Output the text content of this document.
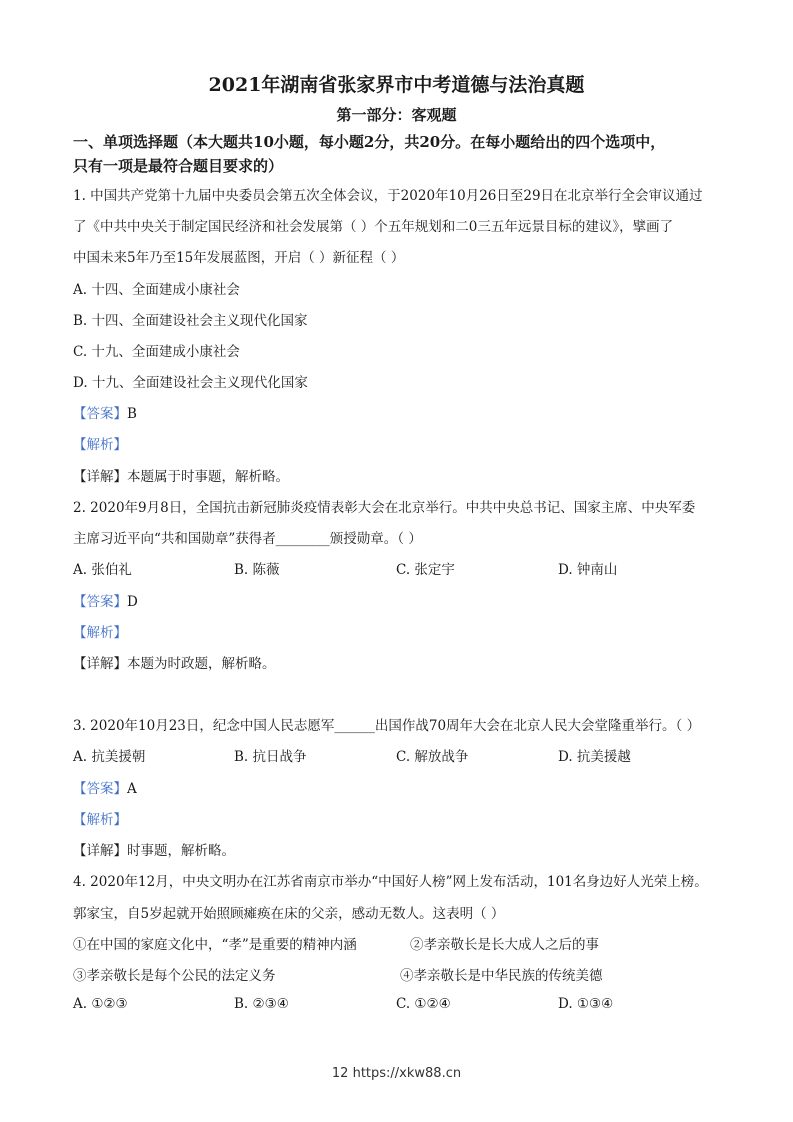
2021年湖南省张家界市中考道德与法治真题
第一部分：客观题
一、单项选择题（本大题共10小题，每小题2分，共20分。在每小题给出的四个选项中，
只有一项是最符合题目要求的）
1. 中国共产党第十九届中央委员会第五次全体会议，于2020年10月26日至29日在北京举行全会审议通过
了《中共中央关于制定国民经济和社会发展第（ ）个五年规划和二0三五年远景目标的建议》，擘画了
中国未来5年乃至15年发展蓝图，开启（ ）新征程（ ）
A. 十四、全面建成小康社会
B. 十四、全面建设社会主义现代化国家
C. 十九、全面建成小康社会
D. 十九、全面建设社会主义现代化国家
【答案】B
【解析】
【详解】本题属于时事题，解析略。
2. 2020年9月8日，全国抗击新冠肺炎疫情表彰大会在北京举行。中共中央总书记、国家主席、中央军委
主席习近平向“共和国勋章”获得者________颁授勋章。（ ）
A. 张伯礼	B. 陈薇	C. 张定宇	D. 钟南山
【答案】D
【解析】
【详解】本题为时政题，解析略。
3. 2020年10月23日，纪念中国人民志愿军______出国作战70周年大会在北京人民大会堂隆重举行。（ ）
A. 抗美援朝	B. 抗日战争	C. 解放战争	D. 抗美援越
【答案】A
【解析】
【详解】时事题，解析略。
4. 2020年12月，中央文明办在江苏省南京市举办“中国好人榜”网上发布活动，101名身边好人光荣上榜。
郭家宝，自5岁起就开始照顾瘫痪在床的父亲，感动无数人。这表明（ ）
①在中国的家庭文化中，“孝”是重要的精神内涵	②孝亲敬长是长大成人之后的事
③孝亲敬长是每个公民的法定义务	④孝亲敬长是中华民族的传统美德
A. ①②③	B. ②③④	C. ①②④	D. ①③④
12 https://xkw88.cn
